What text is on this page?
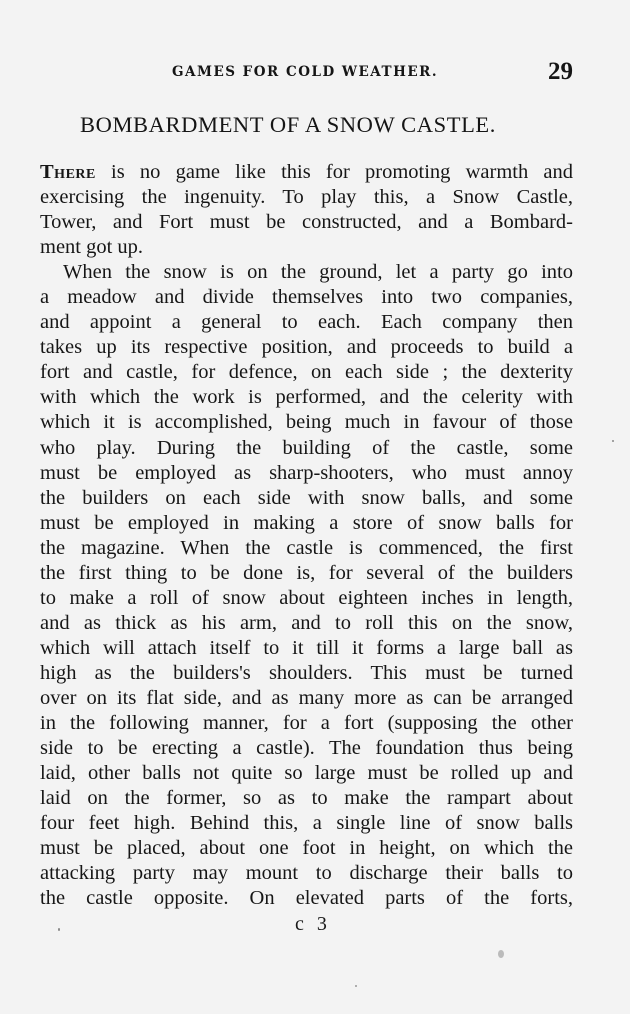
GAMES FOR COLD WEATHER.	29
BOMBARDMENT OF A SNOW CASTLE.
There is no game like this for promoting warmth and
exercising the ingenuity. To play this, a Snow Castle,
Tower, and Fort must be constructed, and a Bombard-
ment got up.
When the snow is on the ground, let a party go into
a meadow and divide themselves into two companies,
and appoint a general to each. Each company then
takes up its respective position, and proceeds to build a
fort and castle, for defence, on each side ; the dexterity
with which the work is performed, and the celerity with
which it is accomplished, being much in favour of those
who play. During the building of the castle, some
must be employed as sharp-shooters, who must annoy
the builders on each side with snow balls, and some
must be employed in making a store of snow balls for
the magazine. When the castle is commenced, the first
the first thing to be done is, for several of the builders
to make a roll of snow about eighteen inches in length,
and as thick as his arm, and to roll this on the snow,
which will attach itself to it till it forms a large ball as
high as the builders's shoulders. This must be turned
over on its flat side, and as many more as can be arranged
in the following manner, for a fort (supposing the other
side to be erecting a castle). The foundation thus being
laid, other balls not quite so large must be rolled up and
laid on the former, so as to make the rampart about
four feet high. Behind this, a single line of snow balls
must be placed, about one foot in height, on which the
attacking party may mount to discharge their balls to
the castle opposite. On elevated parts of the forts,
c 3
